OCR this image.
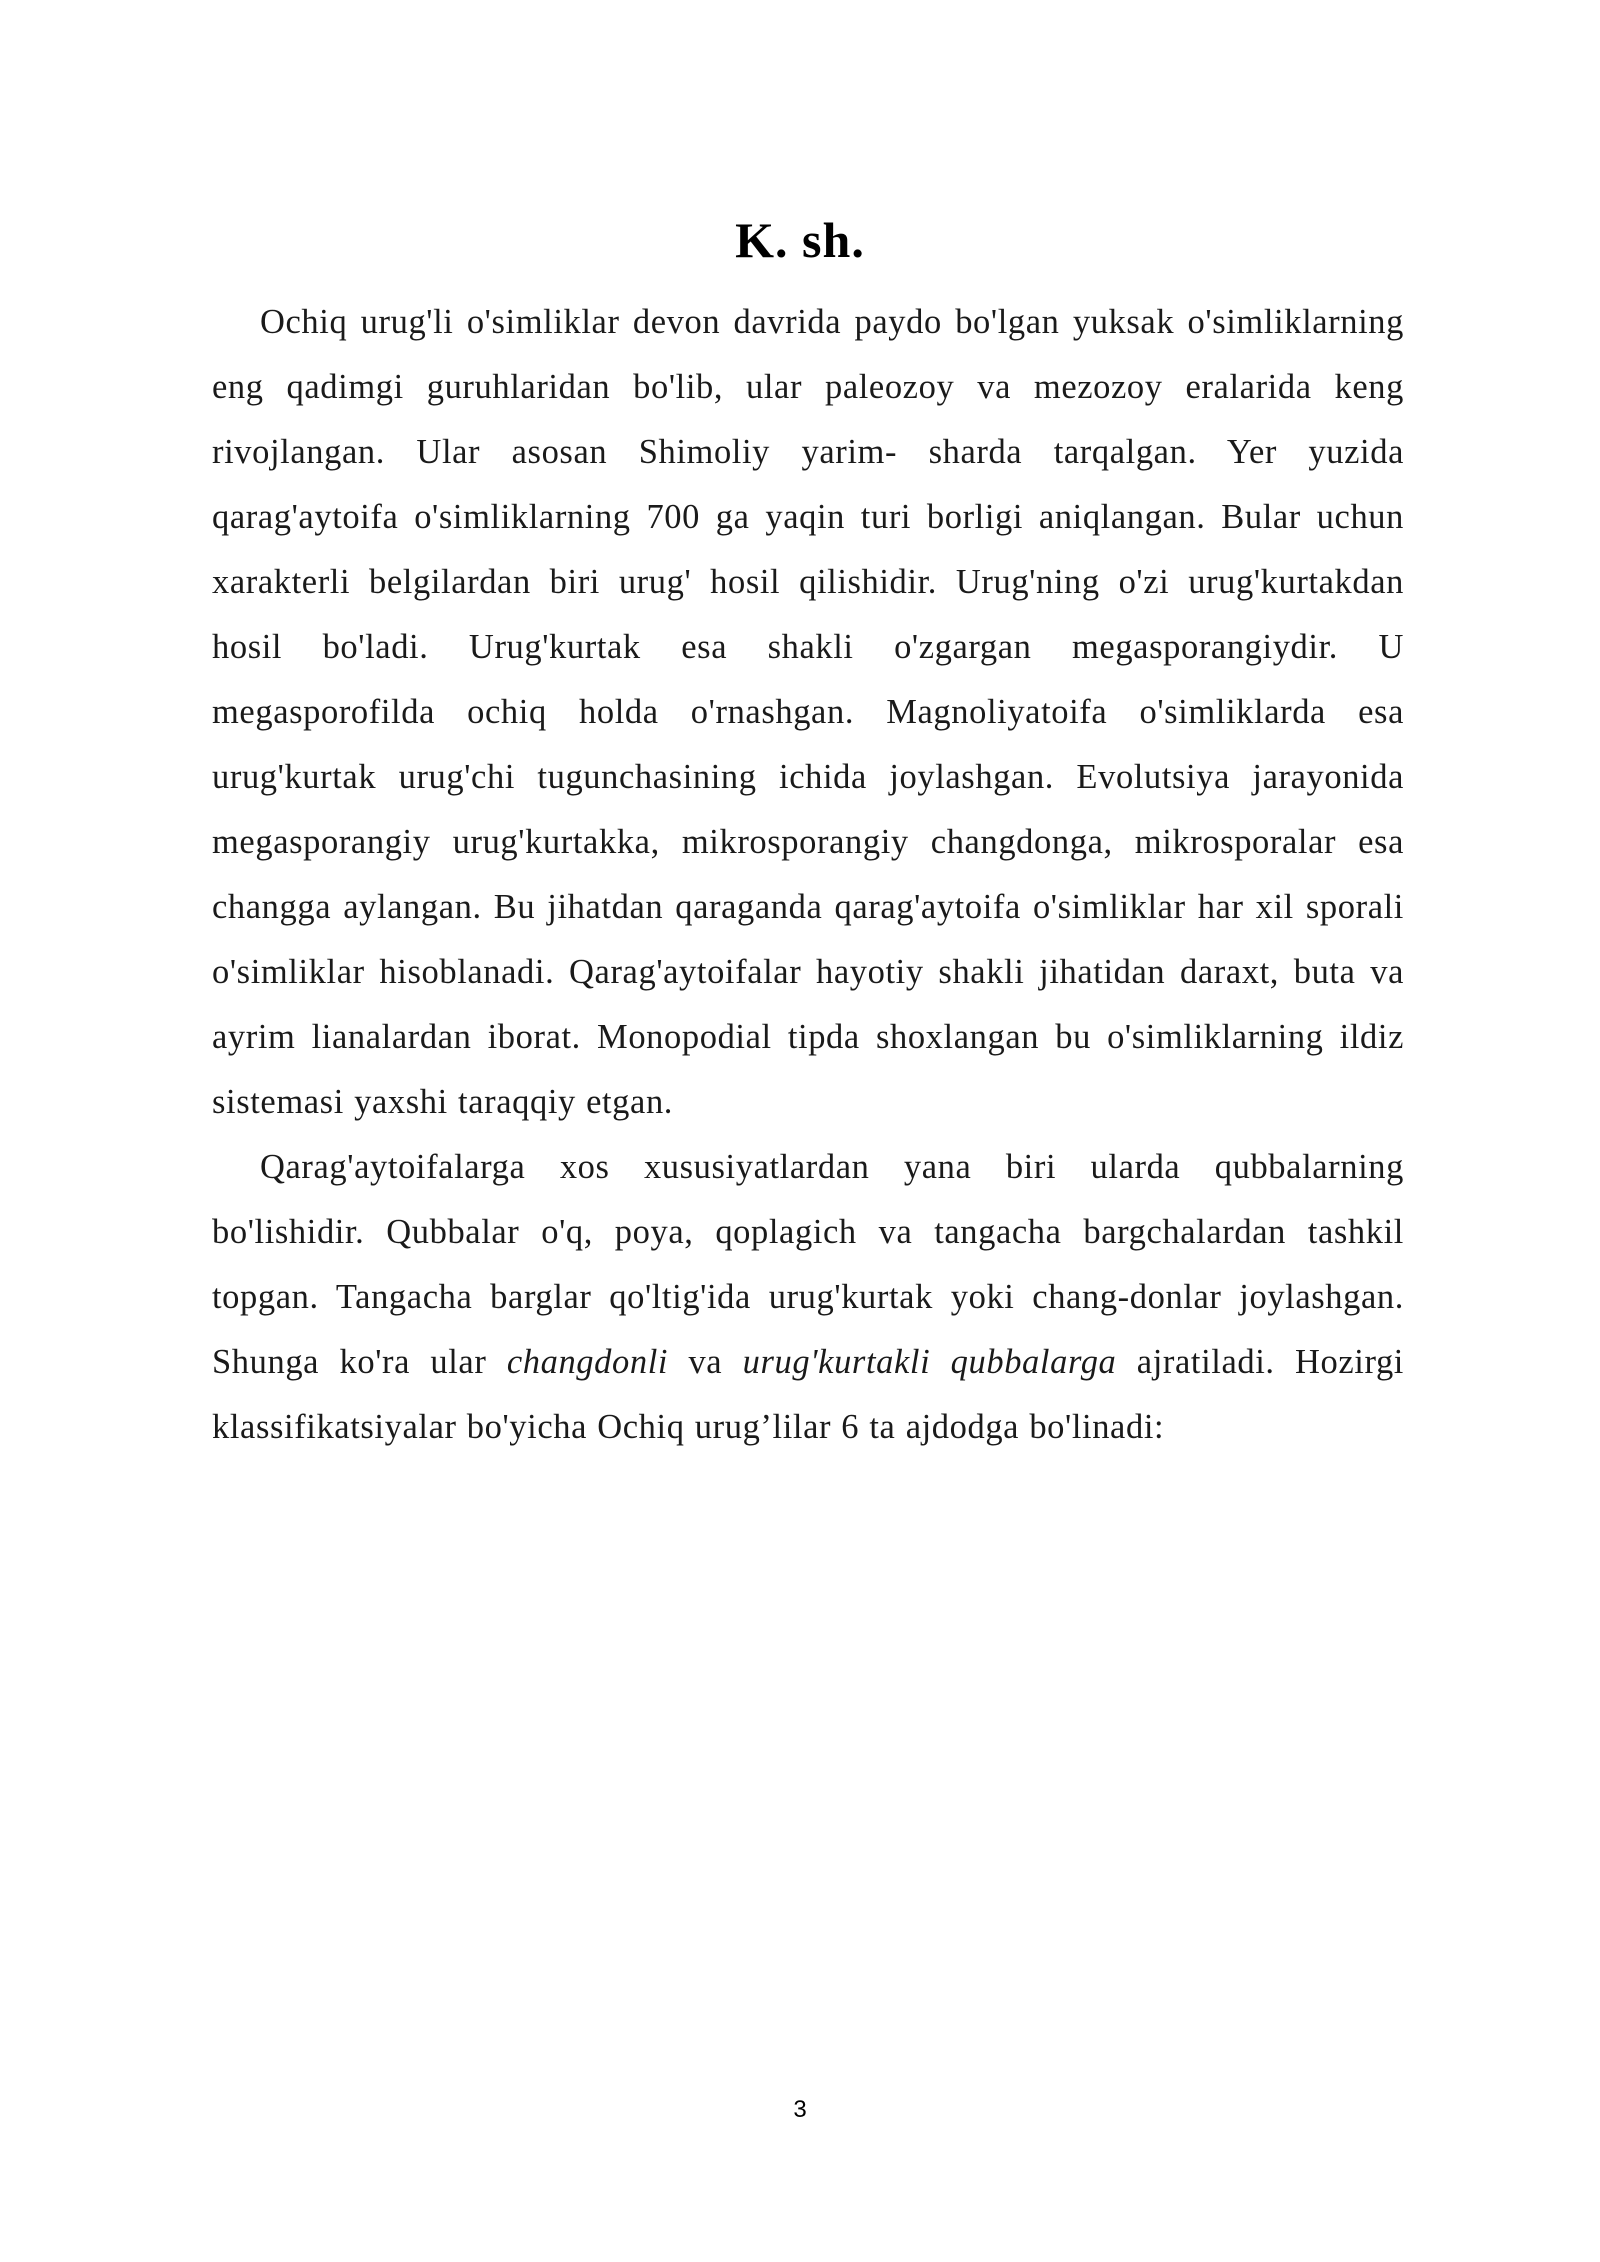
K. sh.

Ochiq urug'li o'simliklar devon davrida paydo bo'lgan yuksak o'simliklarning eng qadimgi guruhlaridan bo'lib, ular paleozoy va mezozoy eralarida keng rivojlangan. Ular asosan Shimoliy yarim- sharda tarqalgan. Yer yuzida qarag'aytoifa o'simliklarning 700 ga yaqin turi borligi aniqlangan. Bular uchun xarakterli belgilardan biri urug' hosil qilishidir. Urug'ning o'zi urug'kurtakdan hosil bo'ladi. Urug'kurtak esa shakli o'zgargan megasporangiydir. U megasporofilda ochiq holda o'rnashgan. Magnoliyatoifa o'simliklarda esa urug'kurtak urug'chi tugunchasining ichida joylashgan. Evolutsiya jarayonida megasporangiy urug'kurtakka, mikrosporangiy changdonga, mikrosporalar esa changga aylangan. Bu jihatdan qaraganda qarag'aytoifa o'simliklar har xil sporali o'simliklar hisoblanadi. Qarag'aytoifalar hayotiy shakli jihatidan daraxt, buta va ayrim lianalardan iborat. Monopodial tipda shoxlangan bu o'simliklarning ildiz sistemasi yaxshi taraqqiy etgan.

Qarag'aytoifalarga xos xususiyatlardan yana biri ularda qubbalarning bo'lishidir. Qubbalar o'q, poya, qoplagich va tangacha bargchalardan tashkil topgan. Tangacha barglar qo'ltig'ida urug'kurtak yoki chang-donlar joylashgan. Shunga ko'ra ular changdonli va urug'kurtakli qubbalarga ajratiladi. Hozirgi klassifikatsiyalar bo'yicha Ochiq urug’lilar 6 ta ajdodga bo'linadi:

3
